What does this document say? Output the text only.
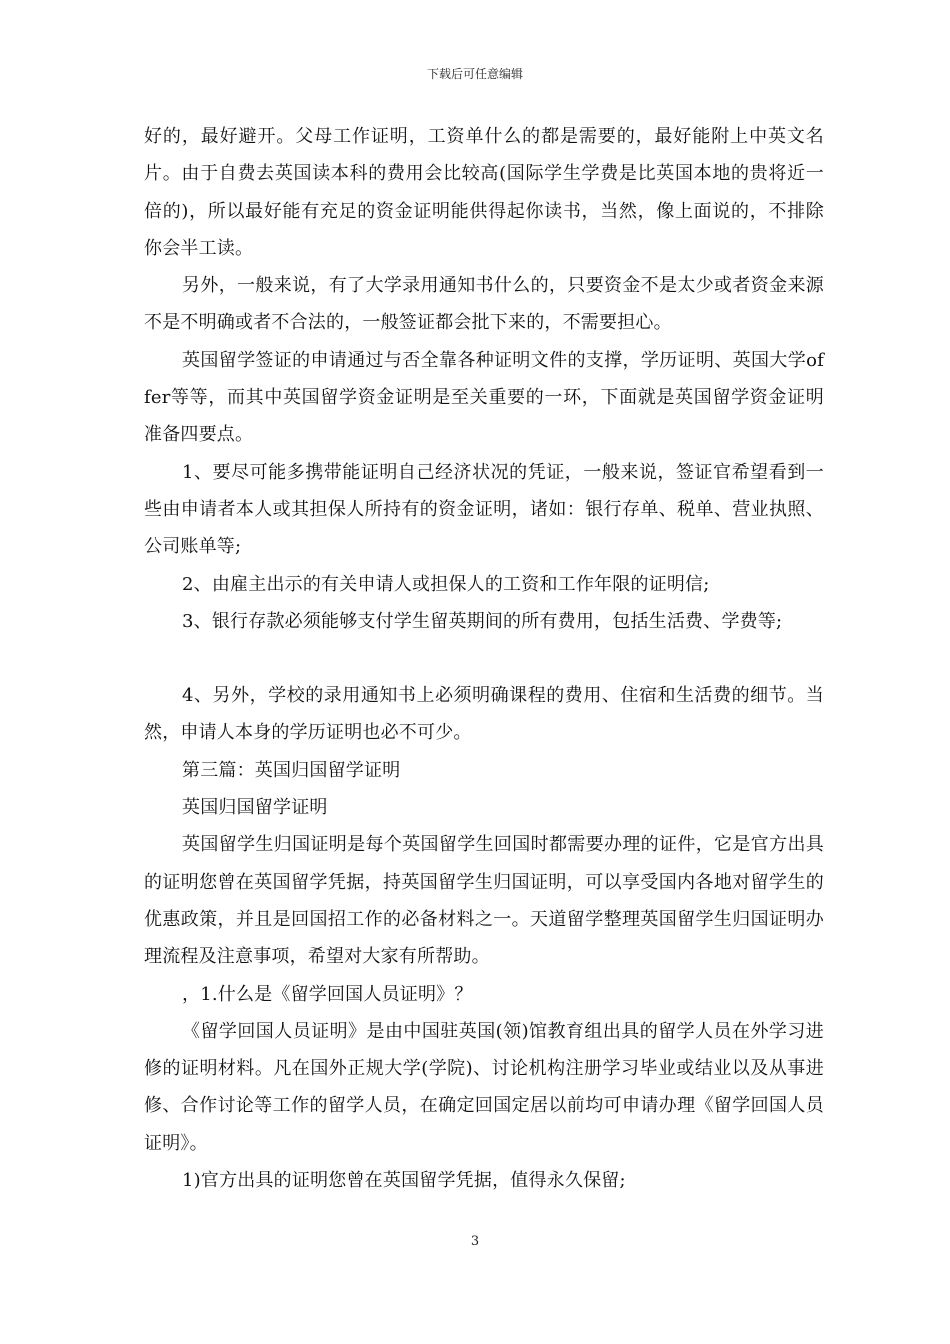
下载后可任意编辑

好的，最好避开。父母工作证明，工资单什么的都是需要的，最好能附上中英文名片。由于自费去英国读本科的费用会比较高(国际学生学费是比英国本地的贵将近一倍的)，所以最好能有充足的资金证明能供得起你读书，当然，像上面说的，不排除你会半工读。

另外，一般来说，有了大学录用通知书什么的，只要资金不是太少或者资金来源不是不明确或者不合法的，一般签证都会批下来的，不需要担心。

英国留学签证的申请通过与否全靠各种证明文件的支撑，学历证明、英国大学offer等等，而其中英国留学资金证明是至关重要的一环，下面就是英国留学资金证明准备四要点。

1、要尽可能多携带能证明自己经济状况的凭证，一般来说，签证官希望看到一些由申请者本人或其担保人所持有的资金证明，诸如：银行存单、税单、营业执照、公司账单等;

2、由雇主出示的有关申请人或担保人的工资和工作年限的证明信;

3、银行存款必须能够支付学生留英期间的所有费用，包括生活费、学费等;

4、另外，学校的录用通知书上必须明确课程的费用、住宿和生活费的细节。当然，申请人本身的学历证明也必不可少。

第三篇：英国归国留学证明

英国归国留学证明

英国留学生归国证明是每个英国留学生回国时都需要办理的证件，它是官方出具的证明您曾在英国留学凭据，持英国留学生归国证明，可以享受国内各地对留学生的优惠政策，并且是回国招工作的必备材料之一。天道留学整理英国留学生归国证明办理流程及注意事项，希望对大家有所帮助。

，1.什么是《留学回国人员证明》？

《留学回国人员证明》是由中国驻英国(领)馆教育组出具的留学人员在外学习进修的证明材料。凡在国外正规大学(学院)、讨论机构注册学习毕业或结业以及从事进修、合作讨论等工作的留学人员，在确定回国定居以前均可申请办理《留学回国人员证明》。

1)官方出具的证明您曾在英国留学凭据，值得永久保留;

3
